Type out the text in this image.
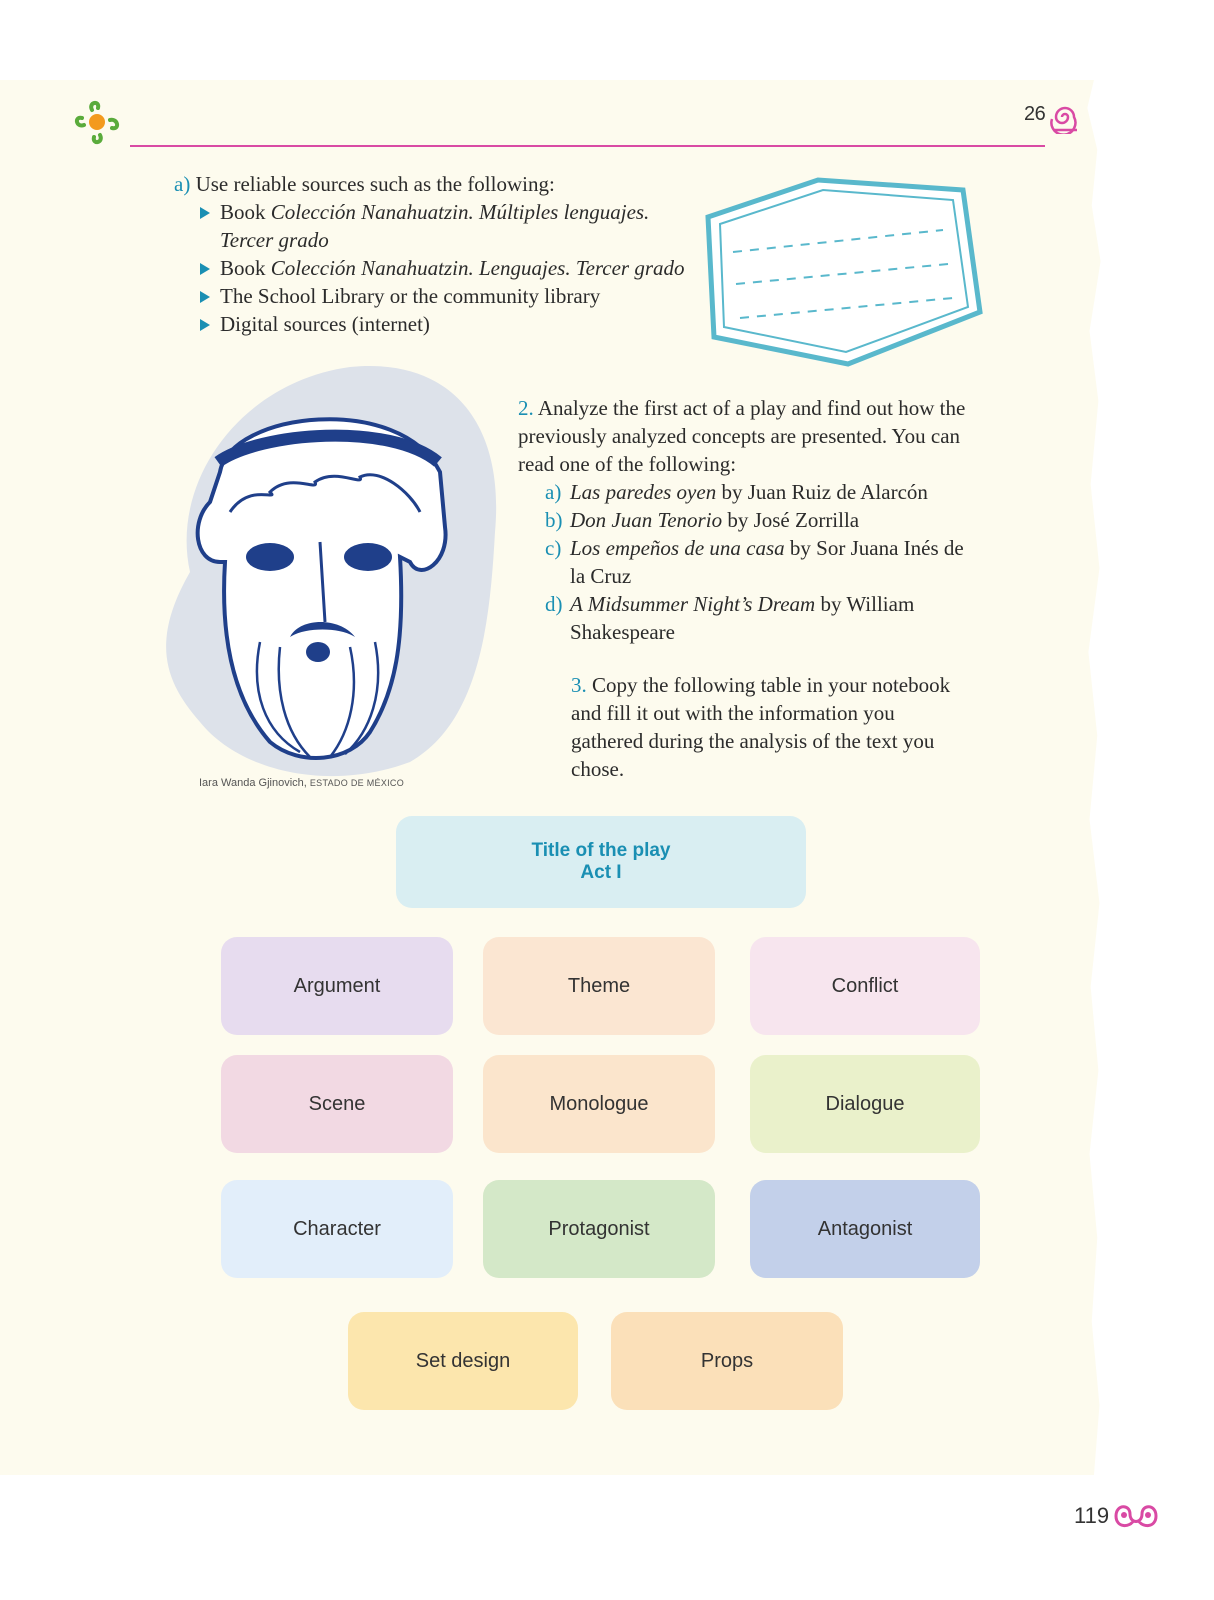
26
a) Use reliable sources such as the following:
Book Colección Nanahuatzin. Múltiples lenguajes.
Tercer grado
Book Colección Nanahuatzin. Lenguajes. Tercer grado
The School Library or the community library
Digital sources (internet)
Iara Wanda Gjinovich, ESTADO DE MÉXICO
2. Analyze the first act of a play and find out how the previously analyzed concepts are presented. You can read one of the following:
a) Las paredes oyen by Juan Ruiz de Alarcón
b) Don Juan Tenorio by José Zorrilla
c) Los empeños de una casa by Sor Juana Inés de la Cruz
d) A Midsummer Night’s Dream by William Shakespeare
3. Copy the following table in your notebook and fill it out with the information you gathered during the analysis of the text you chose.
Title of the play
Act I
Argument	Theme	Conflict
Scene	Monologue	Dialogue
Character	Protagonist	Antagonist
Set design	Props
119
